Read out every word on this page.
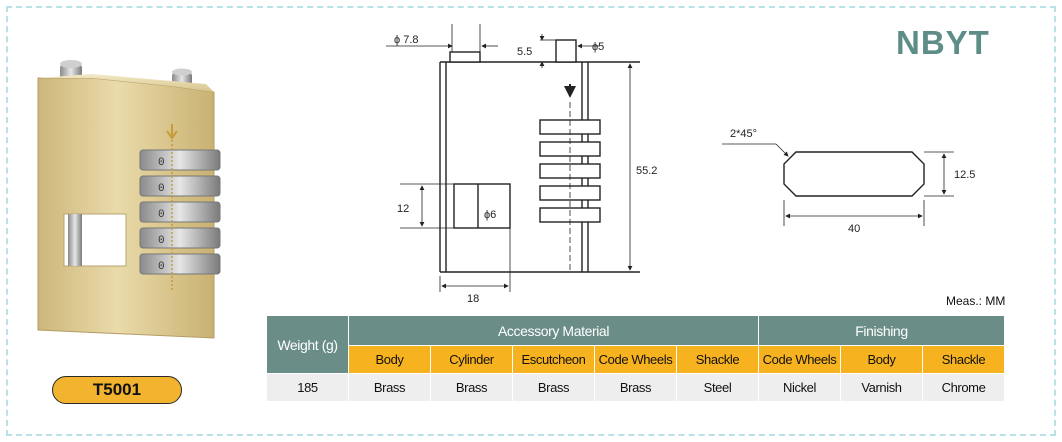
0
0
0
0
0
T5001
ϕ 7.8
5.5	ϕ5
55.2
12	ϕ6
18
2*45°
12.5
40
NBYT
Meas.: MM
Weight (g)	Accessory Material					Finishing		
	Body	Cylinder	Escutcheon	Code Wheels	Shackle	Code Wheels	Body	Shackle
185	Brass	Brass	Brass	Brass	Steel	Nickel	Varnish	Chrome
